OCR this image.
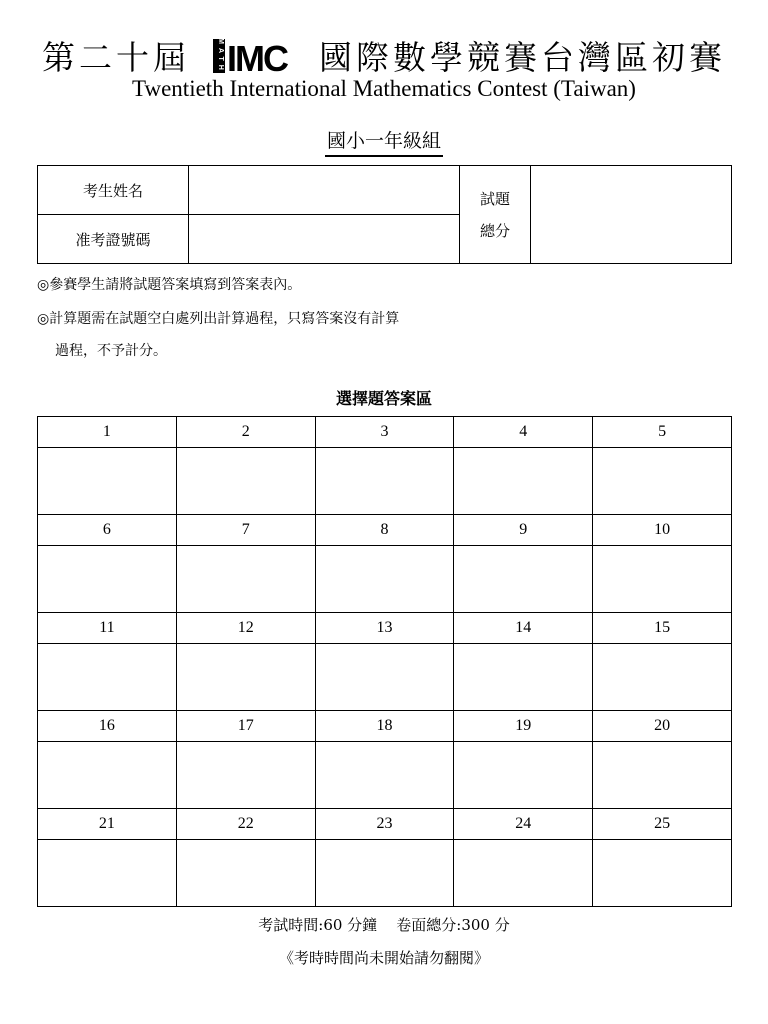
第二十屆	MATH IMC 國際數學競賽台灣區初賽
Twentieth International Mathematics Contest (Taiwan)
國小一年級組
考生姓名		試題
總分	

准考證號碼			
◎參賽學生請將試題答案填寫到答案表內。
◎計算題需在試題空白處列出計算過程，只寫答案沒有計算
過程，不予計分。
選擇題答案區
1	2	3	4	5

6	7	8	9	10

11	12	13	14	15

16	17	18	19	20

21	22	23	24	25

考試時間:60 分鐘 卷面總分:300 分
《考時時間尚未開始請勿翻閱》
